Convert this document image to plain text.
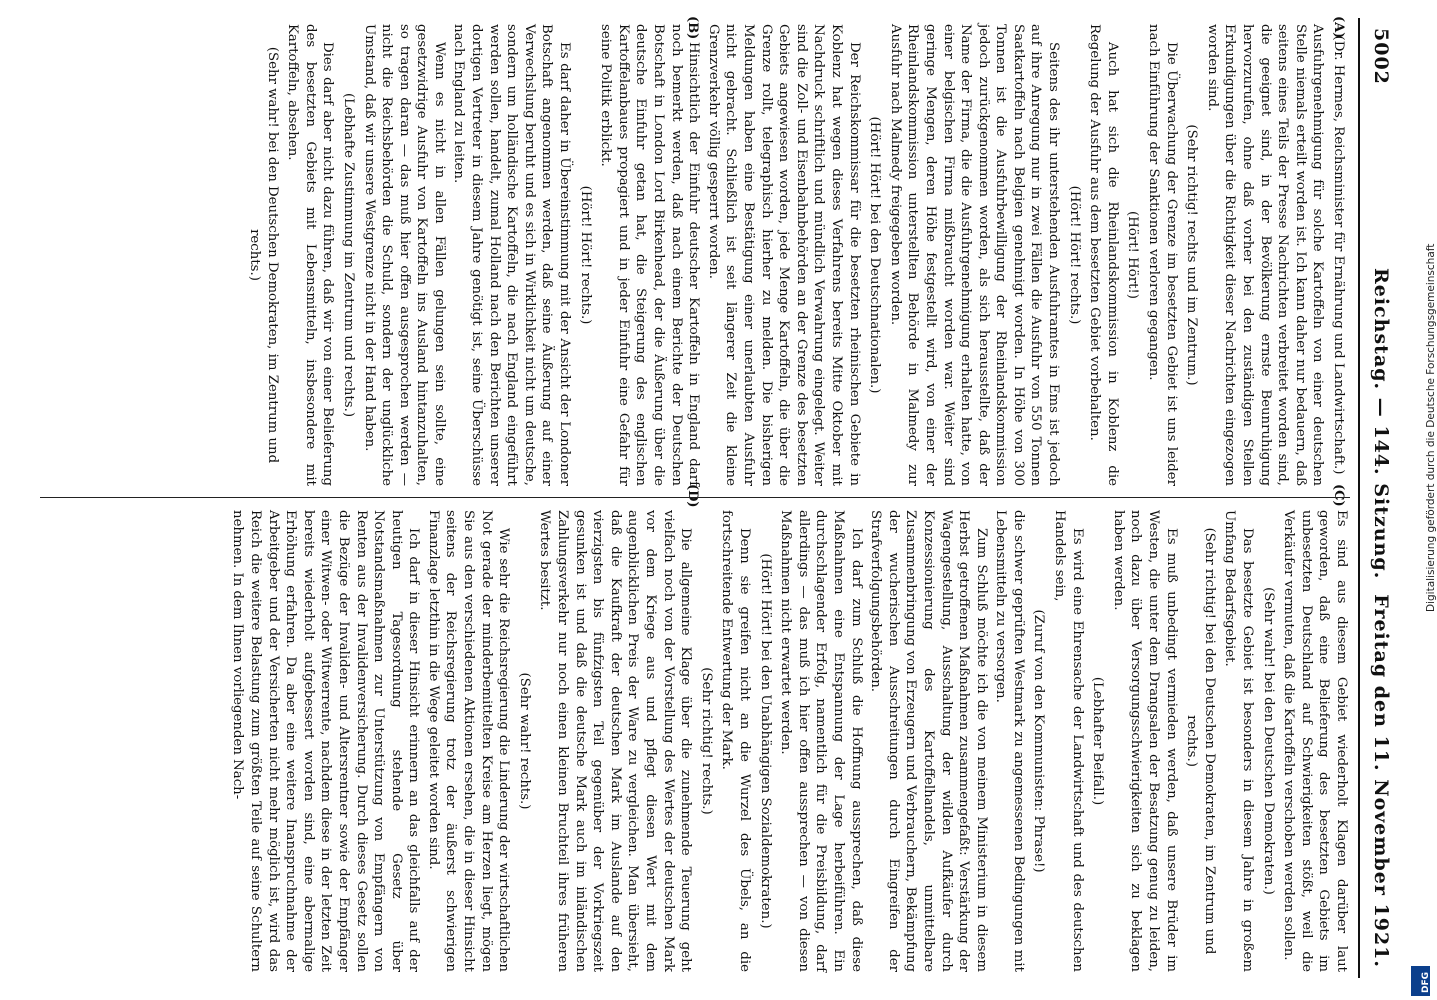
5002
Reichstag. — 144. Sitzung.
Freitag den 11. November 1921.
(A)
(B)
(C)
(D)

(Dr. Hermes, Reichsminister für Ernährung und Landwirtschaft.)

Ausfuhrgenehmigung für solche Kartoffeln von einer deutschen Stelle niemals erteilt worden ist. Ich kann daher nur bedauern, daß seitens eines Teils der Presse Nachrichten verbreitet worden sind, die geeignet sind, in der Bevölkerung ernste Beunruhigung hervorzurufen, ohne daß vorher bei den zuständigen Stellen Erkundigungen über die Richtigkeit dieser Nachrichten eingezogen worden sind.

(Sehr richtig! rechts und im Zentrum.)

Die Überwachung der Grenze im besetzten Gebiet ist uns leider nach Einführung der Sanktionen verloren gegangen.

(Hört! Hört!)

Auch hat sich die Rheinlandskommission in Koblenz die Regelung der Ausfuhr aus dem besetzten Gebiet vorbehalten.

(Hört! Hört! rechts.)

Seitens des ihr unterstehenden Ausfuhramtes in Ems ist jedoch auf ihre Anregung nur in zwei Fällen die Ausfuhr von 550 Tonnen Saatkartoffeln nach Belgien genehmigt worden. In Höhe von 300 Tonnen ist die Ausfuhrbewilligung der Rheinlandskommission jedoch zurückgenommen worden, als sich herausstellte, daß der Name der Firma, die die Ausfuhrgenehmigung erhalten hatte, von einer belgischen Firma mißbraucht worden war. Weiter sind geringe Mengen, deren Höhe festgestellt wird, von einer der Rheinlandskommission unterstellten Behörde in Malmedy zur Ausfuhr nach Malmedy freigegeben worden.

(Hört! Hört! bei den Deutschnationalen.)

Der Reichskommissar für die besetzten rheinischen Gebiete in Koblenz hat wegen dieses Verfahrens bereits Mitte Oktober mit Nachdruck schriftlich und mündlich Verwahrung eingelegt. Weiter sind die Zoll- und Eisenbahnbehörden an der Grenze des besetzten Gebiets angewiesen worden, jede Menge Kartoffeln, die über die Grenze rollt, telegraphisch hierher zu melden. Die bisherigen Meldungen haben eine Bestätigung einer unerlaubten Ausfuhr nicht gebracht. Schließlich ist seit längerer Zeit die kleine Grenzverkehr völlig gesperrt worden.

Hinsichtlich der Einfuhr deutscher Kartoffeln in England darf noch bemerkt werden, daß nach einem Berichte der Deutschen Botschaft in London Lord Birkenhead, der die Äußerung über die deutsche Einfuhr getan hat, die Steigerung des englischen Kartoffelanbaues propagiert und in jeder Einfuhr eine Gefahr für seine Politik erblickt.

(Hört! Hört! rechts.)

Es darf daher in Übereinstimmung mit der Ansicht der Londoner Botschaft angenommen werden, daß seine Äußerung auf einer Verwechslung beruht und es sich in Wirklichkeit nicht um deutsche, sondern um holländische Kartoffeln, die nach England eingeführt werden sollen, handelt, zumal Holland nach den Berichten unserer dortigen Vertreter in diesem Jahre genötigt ist, seine Überschüsse nach England zu leiten.

Wenn es nicht in allen Fällen gelungen sein sollte, eine gesetzwidrige Ausfuhr von Kartoffeln ins Ausland hintanzuhalten, so tragen daran — das muß hier offen ausgesprochen werden — nicht die Reichsbehörden die Schuld, sondern der unglückliche Umstand, daß wir unsere Westgrenze nicht in der Hand haben.

(Lebhafte Zustimmung im Zentrum und rechts.)

Dies darf aber nicht dazu führen, daß wir von einer Belieferung des besetzten Gebiets mit Lebensmitteln, insbesondere mit Kartoffeln, absehen.

(Sehr wahr! bei den Deutschen Demokraten, im Zentrum und rechts.)

Es sind aus diesem Gebiet wiederholt Klagen darüber laut geworden, daß eine Belieferung des besetzten Gebiets im unbesetzten Deutschland auf Schwierigkeiten stößt, weil die Verkäufer vermuten, daß die Kartoffeln verschoben werden sollen.

(Sehr wahr! bei den Deutschen Demokraten.)

Das besetzte Gebiet ist besonders in diesem Jahre in großem Umfang Bedarfsgebiet.

(Sehr richtig! bei den Deutschen Demokraten, im Zentrum und rechts.)

Es muß unbedingt vermieden werden, daß unsere Brüder im Westen, die unter dem Drangsalen der Besatzung genug zu leiden, noch dazu über Versorgungsschwierigkeiten sich zu beklagen haben werden.

(Lebhafter Beifall.)

Es wird eine Ehrensache der Landwirtschaft und des deutschen Handels sein,

(Zuruf von den Kommunisten: Phrase!)

die schwer geprüften Westmark zu angemessenen Bedingungen mit Lebensmitteln zu versorgen.

Zum Schluß möchte ich die von meinem Ministerium in diesem Herbst getroffenen Maßnahmen zusammengefaßt: Verstärkung der Wagengestellung, Ausschaltung der wilden Aufkäufer durch Konzessionierung des Kartoffelhandels, unmittelbare Zusammenbringung von Erzeugern und Verbrauchern, Bekämpfung der wucherischen Ausschreitungen durch Eingreifen der Strafverfolgungsbehörden.

Ich darf zum Schluß die Hoffnung aussprechen, daß diese Maßnahmen eine Entspannung der Lage herbeiführen. Ein durchschlagender Erfolg, namentlich für die Preisbildung, darf allerdings — das muß ich hier offen aussprechen — von diesen Maßnahmen nicht erwartet werden.

(Hört! Hört! bei den Unabhängigen Sozialdemokraten.)

Denn sie greifen nicht an die Wurzel des Übels, an die fortschreitende Entwertung der Mark.

(Sehr richtig! rechts.)

Die allgemeine Klage über die zunehmende Teuerung geht vielfach noch von der Vorstellung des Wertes der deutschen Mark vor dem Kriege aus und pflegt diesen Wert mit dem augenblicklichen Preis der Ware zu vergleichen. Man übersieht, daß die Kaufkraft der deutschen Mark im Auslande auf den vierzigsten bis fünfzigsten Teil gegenüber der Vorkriegszeit gesunken ist und daß die deutsche Mark auch im inländischen Zahlungsverkehr nur noch einen kleinen Bruchteil ihres früheren Wertes besitzt.

(Sehr wahr! rechts.)

Wie sehr die Reichsregierung die Linderung der wirtschaftlichen Not gerade der minderbemittelten Kreise am Herzen liegt, mögen Sie aus den verschiedenen Aktionen ersehen, die in dieser Hinsicht seitens der Reichsregierung trotz der äußerst schwierigen Finanzlage letzthin in die Wege geleitet worden sind.

Ich darf in dieser Hinsicht erinnern an das gleichfalls auf der heutigen Tagesordnung stehende Gesetz über Notstandsmaßnahmen zur Unterstützung von Empfängern von Renten aus der Invalidenversicherung. Durch dieses Gesetz sollen die Bezüge der Invaliden- und Altersrentner sowie der Empfänger einer Witwen- oder Witwerrente, nachdem diese in der letzten Zeit bereits wiederholt aufgebessert worden sind, eine abermalige Erhöhung erfahren. Da aber eine weitere Inanspruchnahme der Arbeitgeber und der Versicherten nicht mehr möglich ist, wird das Reich die weitere Belastung zum größten Teile auf seine Schultern nehmen. In dem Ihnen vorliegenden Nach-

Digitalisierung gefördert durch die Deutsche Forschungsgemeinschaft
DFG
